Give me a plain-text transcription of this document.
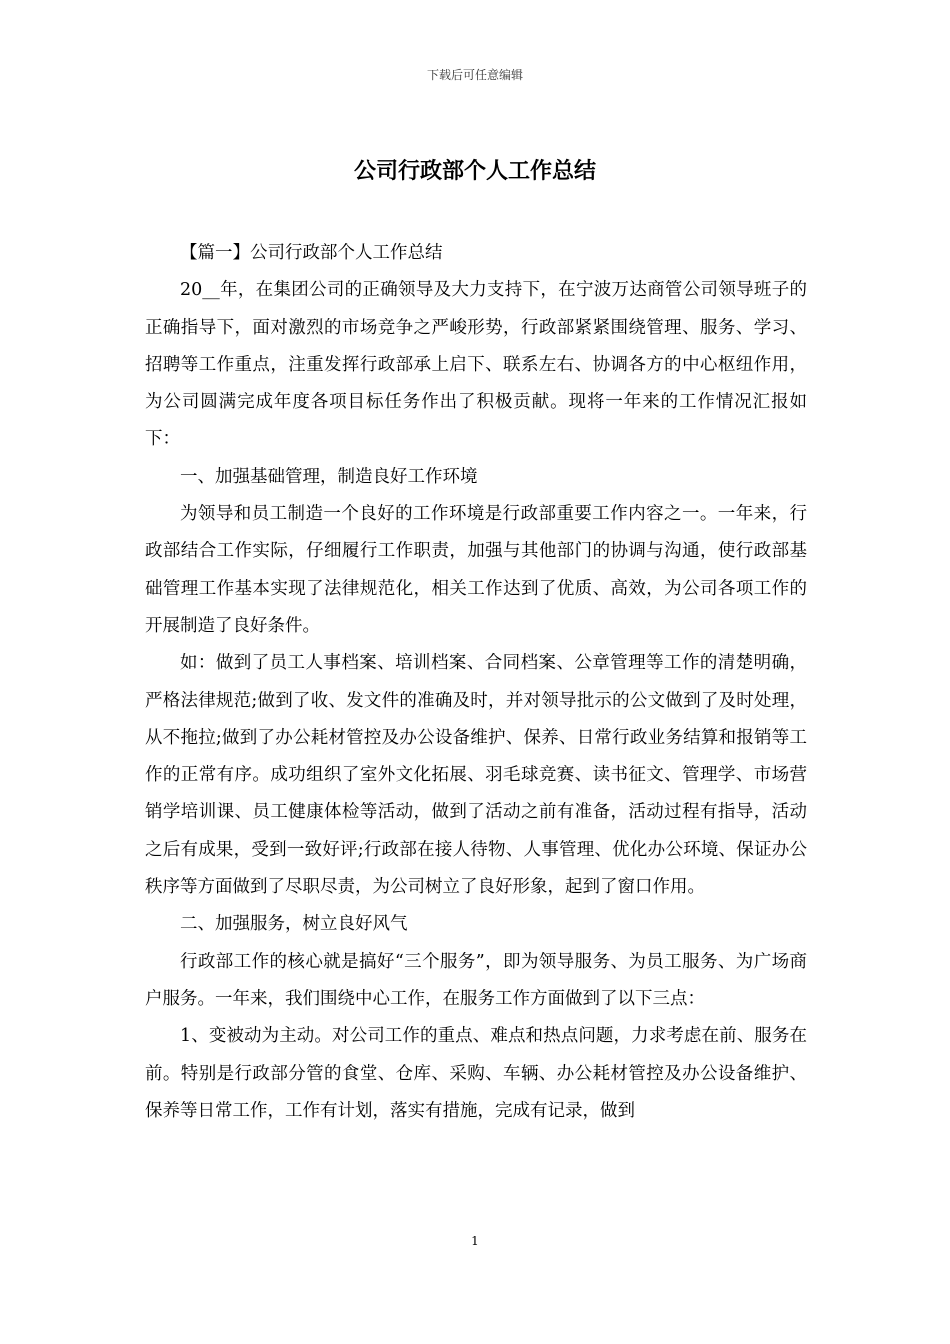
下载后可任意编辑
公司行政部个人工作总结

【篇一】公司行政部个人工作总结

20__年，在集团公司的正确领导及大力支持下，在宁波万达商管公司领导班子的正确指导下，面对激烈的市场竞争之严峻形势，行政部紧紧围绕管理、服务、学习、招聘等工作重点，注重发挥行政部承上启下、联系左右、协调各方的中心枢纽作用，为公司圆满完成年度各项目标任务作出了积极贡献。现将一年来的工作情况汇报如下：

一、加强基础管理，制造良好工作环境

为领导和员工制造一个良好的工作环境是行政部重要工作内容之一。一年来，行政部结合工作实际，仔细履行工作职责，加强与其他部门的协调与沟通，使行政部基础管理工作基本实现了法律规范化，相关工作达到了优质、高效，为公司各项工作的开展制造了良好条件。

如：做到了员工人事档案、培训档案、合同档案、公章管理等工作的清楚明确，严格法律规范;做到了收、发文件的准确及时，并对领导批示的公文做到了及时处理，从不拖拉;做到了办公耗材管控及办公设备维护、保养、日常行政业务结算和报销等工作的正常有序。成功组织了室外文化拓展、羽毛球竞赛、读书征文、管理学、市场营销学培训课、员工健康体检等活动，做到了活动之前有准备，活动过程有指导，活动之后有成果，受到一致好评;行政部在接人待物、人事管理、优化办公环境、保证办公秩序等方面做到了尽职尽责，为公司树立了良好形象，起到了窗口作用。

二、加强服务，树立良好风气

行政部工作的核心就是搞好“三个服务”，即为领导服务、为员工服务、为广场商户服务。一年来，我们围绕中心工作，在服务工作方面做到了以下三点：

1、变被动为主动。对公司工作的重点、难点和热点问题，力求考虑在前、服务在前。特别是行政部分管的食堂、仓库、采购、车辆、办公耗材管控及办公设备维护、保养等日常工作，工作有计划，落实有措施，完成有记录，做到

1
